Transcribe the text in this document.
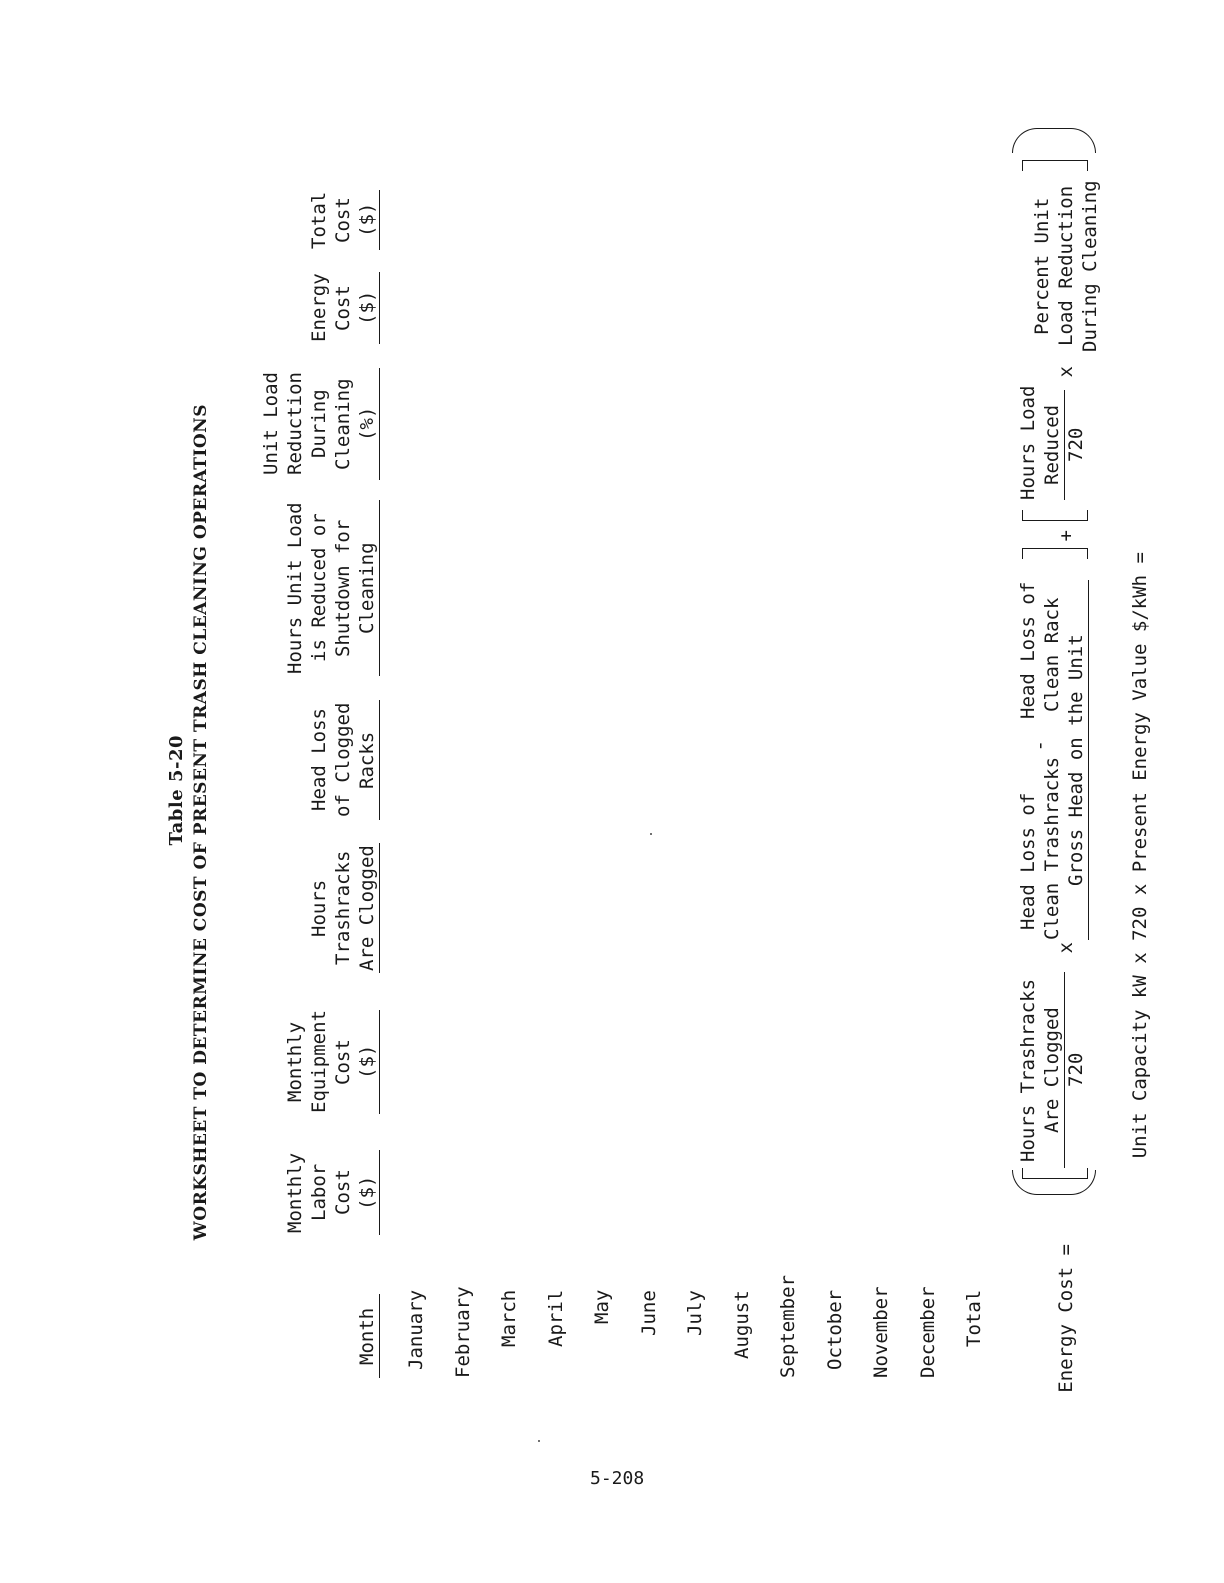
Table 5-20 WORKSHEET TO DETERMINE COST OF PRESENT TRASH CLEANING OPERATIONS
Month
Monthly Labor Cost ($)
Monthly Equipment Cost ($)
Hours Trashracks Are Clogged
Head Loss of Clogged Racks
Hours Unit Load is Reduced or Shutdown for Cleaning
Unit Load Reduction During Cleaning (%)
Energy Cost ($)
Total Cost ($)
January February March April May June July August September October November December Total	Energy Cost =
Hours Trashracks Are Clogged 720
x
Head Loss of Clean Trashracks
-
Head Loss of Clean Rack Gross Head on the Unit
+
Hours Load Reduced 720
x
Percent Unit Load Reduction During Cleaning
Unit Capacity kW x 720 x Present Energy Value $/kWh =
5-208
